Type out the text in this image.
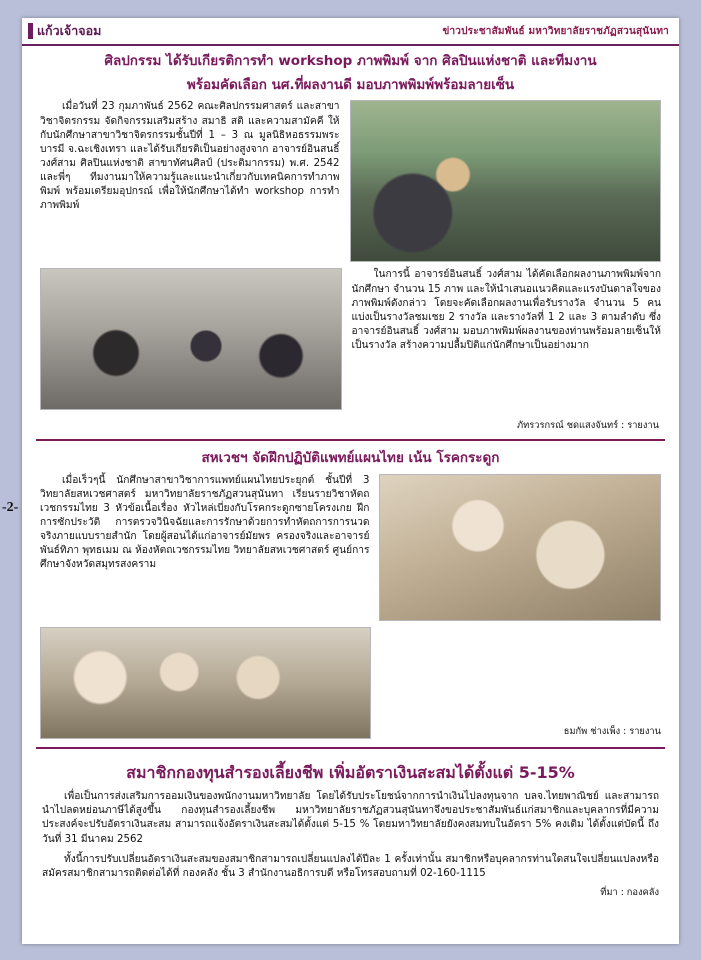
แก้วเจ้าจอม	ข่าวประชาสัมพันธ์ มหาวิทยาลัยราชภัฏสวนสุนันทา
ศิลปกรรม ได้รับเกียรติการทำ workshop ภาพพิมพ์ จาก ศิลปินแห่งชาติ และทีมงาน
พร้อมคัดเลือก นศ.ที่ผลงานดี มอบภาพพิมพ์พร้อมลายเซ็น

เมื่อวันที่ 23 กุมภาพันธ์ 2562 คณะศิลปกรรมศาสตร์ และสาขาวิชาจิตรกรรม จัดกิจกรรมเสริมสร้าง สมาธิ สติ และความสามัคคี ให้กับนักศึกษาสาขาวิชาจิตรกรรมชั้นปีที่ 1 – 3 ณ มูลนิธิหอธรรมพระบารมี จ.ฉะเชิงเทรา และได้รับเกียรติเป็นอย่างสูงจาก อาจารย์อินสนธิ์ วงศ์สาม ศิลปินแห่งชาติ สาขาทัศนศิลป์ (ประติมากรรม) พ.ศ. 2542 และพี่ๆ ทีมงานมาให้ความรู้และแนะนำเกี่ยวกับเทคนิคการทำภาพพิมพ์ พร้อมเตรียมอุปกรณ์ เพื่อให้นักศึกษาได้ทำ workshop การทำภาพพิมพ์

ในการนี้ อาจารย์อินสนธิ์ วงศ์สาม ได้คัดเลือกผลงานภาพพิมพ์จากนักศึกษา จำนวน 15 ภาพ และให้นำเสนอแนวคิดและแรงบันดาลใจของภาพพิมพ์ดังกล่าว โดยจะคัดเลือกผลงานเพื่อรับรางวัล จำนวน 5 คน แบ่งเป็นรางวัลชมเชย 2 รางวัล และรางวัลที่ 1 2 และ 3 ตามลำดับ ซึ่งอาจารย์อินสนธิ์ วงศ์สาม มอบภาพพิมพ์ผลงานของท่านพร้อมลายเซ็นให้เป็นรางวัล สร้างความปลื้มปิติแก่นักศึกษาเป็นอย่างมาก

ภัทรวรกรณ์ ชดแสงจันทร์ : รายงาน
สหเวชฯ จัดฝึกปฏิบัติแพทย์แผนไทย เน้น โรคกระดูก

เมื่อเร็วๆนี้ นักศึกษาสาขาวิชาการแพทย์แผนไทยประยุกต์ ชั้นปีที่ 3 วิทยาลัยสหเวชศาสตร์ มหาวิทยาลัยราชภัฏสวนสุนันทา เรียนรายวิชาหัตถเวชกรรมไทย 3 หัวข้อเนื้อเรื่อง หัวไหล่เบี่ยงกับโรคกระดูกซายโครงเกย ฝึกการซักประวัติ การตรวจวินิจฉัยและการรักษาด้วยการทำหัตถการการนวดจริงภายแบบรายสำนัก โดยผู้สอนได้แก่อาจารย์มัยพร ครองจริงและอาจารย์พันธ์ทิภา พุทธเมม ณ ห้องหัตถเวชกรรมไทย วิทยาลัยสหเวชศาสตร์ ศูนย์การศึกษาจังหวัดสมุทรสงคราม

ธมกัพ ช่างเพ็ง : รายงาน
สมาชิกกองทุนสำรองเลี้ยงชีพ เพิ่มอัตราเงินสะสมได้ตั้งแต่ 5-15%

เพื่อเป็นการส่งเสริมการออมเงินของพนักงานมหาวิทยาลัย โดยได้รับประโยชน์จากการนำเงินไปลงทุนจาก บลจ.ไทยพาณิชย์ และสามารถนำไปลดหย่อนภาษีได้สูงขึ้น กองทุนสำรองเลี้ยงชีพ มหาวิทยาลัยราชภัฏสวนสุนันทาจึงขอประชาสัมพันธ์แก่สมาชิกและบุคลากรที่มีความประสงค์จะปรับอัตราเงินสะสม สามารถแจ้งอัตราเงินสะสมได้ตั้งแต่ 5-15 % โดยมหาวิทยาลัยยังคงสมทบในอัตรา 5% คงเดิม ได้ตั้งแต่บัดนี้ ถึงวันที่ 31 มีนาคม 2562

ทั้งนี้การปรับเปลี่ยนอัตราเงินสะสมของสมาชิกสามารถเปลี่ยนแปลงได้ปีละ 1 ครั้งเท่านั้น สมาชิกหรือบุคลากรท่านใดสนใจเปลี่ยนแปลงหรือสมัครสมาชิกสามารถติดต่อได้ที่ กองคลัง ชั้น 3 สำนักงานอธิการบดี หรือโทรสอบถามที่ 02-160-1115

ที่มา : กองคลัง
-2-
